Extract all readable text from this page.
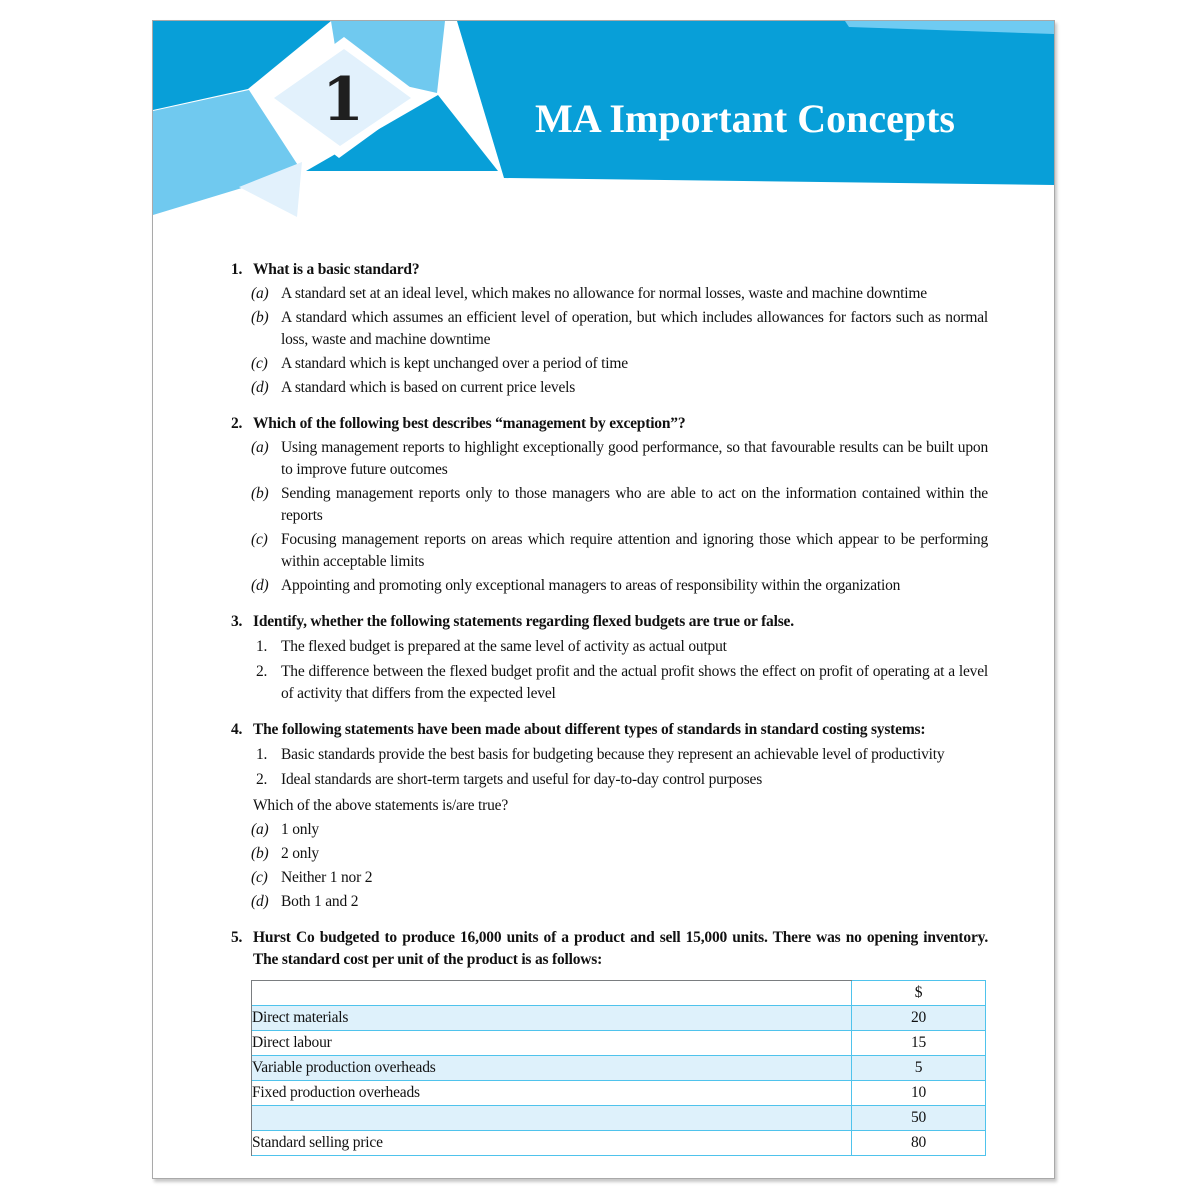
1	MA Important Concepts
1. What is a basic standard?
(a) A standard set at an ideal level, which makes no allowance for normal losses, waste and machine downtime
(b) A standard which assumes an efficient level of operation, but which includes allowances for factors such as normal loss, waste and machine downtime
(c) A standard which is kept unchanged over a period of time
(d) A standard which is based on current price levels
2. Which of the following best describes “management by exception”?
(a) Using management reports to highlight exceptionally good performance, so that favourable results can be built upon to improve future outcomes
(b) Sending management reports only to those managers who are able to act on the information contained within the reports
(c) Focusing management reports on areas which require attention and ignoring those which appear to be performing within acceptable limits
(d) Appointing and promoting only exceptional managers to areas of responsibility within the organization
3. Identify, whether the following statements regarding flexed budgets are true or false.
1. The flexed budget is prepared at the same level of activity as actual output
2. The difference between the flexed budget profit and the actual profit shows the effect on profit of operating at a level of activity that differs from the expected level
4. The following statements have been made about different types of standards in standard costing systems:
1. Basic standards provide the best basis for budgeting because they represent an achievable level of productivity
2. Ideal standards are short-term targets and useful for day-to-day control purposes
Which of the above statements is/are true?
(a) 1 only
(b) 2 only
(c) Neither 1 nor 2
(d) Both 1 and 2
5. Hurst Co budgeted to produce 16,000 units of a product and sell 15,000 units. There was no opening inventory. The standard cost per unit of the product is as follows:
	$
Direct materials	20
Direct labour	15
Variable production overheads	5
Fixed production overheads	10
	50
Standard selling price	80
